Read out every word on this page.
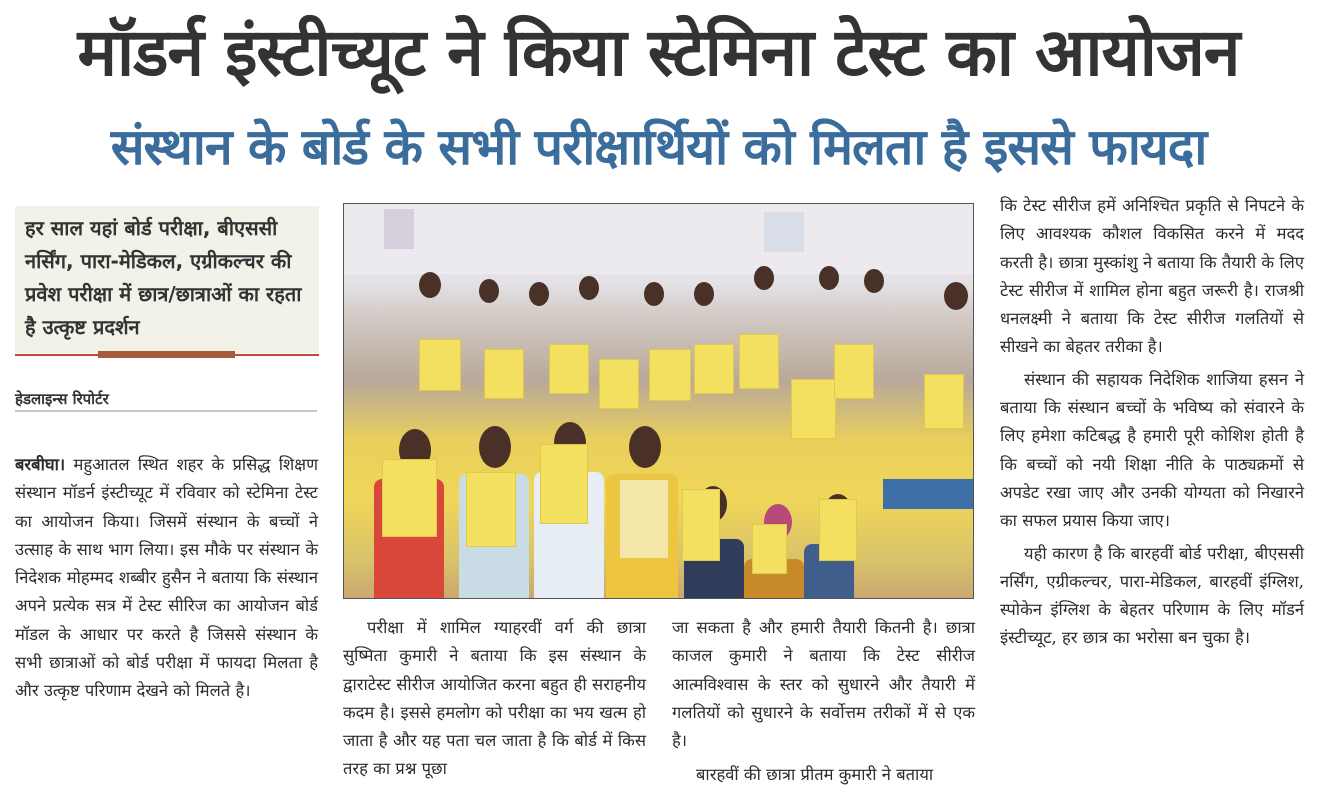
मॉडर्न इंस्टीच्यूट ने किया स्टेमिना टेस्ट का आयोजन
संस्थान के बोर्ड के सभी परीक्षार्थियों को मिलता है इससे फायदा

हर साल यहां बोर्ड परीक्षा, बीएससी नर्सिंग, पारा-मेडिकल, एग्रीकल्चर की प्रवेश परीक्षा में छात्र/छात्राओं का रहता है उत्कृष्ट प्रदर्शन

हेडलाइन्स रिपोर्टर

बरबीघा। महुआतल स्थित शहर के प्रसिद्ध शिक्षण संस्थान मॉडर्न इंस्टीच्यूट में रविवार को स्टेमिना टेस्ट का आयोजन किया। जिसमें संस्थान के बच्चों ने उत्साह के साथ भाग लिया। इस मौके पर संस्थान के निदेशक मोहम्मद शब्बीर हुसैन ने बताया कि संस्थान अपने प्रत्येक सत्र में टेस्ट सीरिज का आयोजन बोर्ड मॉडल के आधार पर करते है जिससे संस्थान के सभी छात्राओं को बोर्ड परीक्षा में फायदा मिलता है और उत्कृष्ट परिणाम देखने को मिलते है।

परीक्षा में शामिल ग्याहरवीं वर्ग की छात्रा सुष्मिता कुमारी ने बताया कि इस संस्थान के द्वाराटेस्ट सीरीज आयोजित करना बहुत ही सराहनीय कदम है। इससे हमलोग को परीक्षा का भय खत्म हो जाता है और यह पता चल जाता है कि बोर्ड में किस तरह का प्रश्न पूछा

जा सकता है और हमारी तैयारी कितनी है। छात्रा काजल कुमारी ने बताया कि टेस्ट सीरीज आत्मविश्वास के स्तर को सुधारने और तैयारी में गलतियों को सुधारने के सर्वोत्तम तरीकों में से एक है।

बारहवीं की छात्रा प्रीतम कुमारी ने बताया

कि टेस्ट सीरीज हमें अनिश्चित प्रकृति से निपटने के लिए आवश्यक कौशल विकसित करने में मदद करती है। छात्रा मुस्कांशु ने बताया कि तैयारी के लिए टेस्ट सीरीज में शामिल होना बहुत जरूरी है। राजश्री धनलक्ष्मी ने बताया कि टेस्ट सीरीज गलतियों से सीखने का बेहतर तरीका है।

संस्थान की सहायक निदेशिक शाजिया हसन ने बताया कि संस्थान बच्चों के भविष्य को संवारने के लिए हमेशा कटिबद्ध है हमारी पूरी कोशिश होती है कि बच्चों को नयी शिक्षा नीति के पाठ्यक्रमों से अपडेट रखा जाए और उनकी योग्यता को निखारने का सफल प्रयास किया जाए।

यही कारण है कि बारहवीं बोर्ड परीक्षा, बीएससी नर्सिंग, एग्रीकल्चर, पारा-मेडिकल, बारहवीं इंग्लिश, स्पोकेन इंग्लिश के बेहतर परिणाम के लिए मॉडर्न इंस्टीच्यूट, हर छात्र का भरोसा बन चुका है।
